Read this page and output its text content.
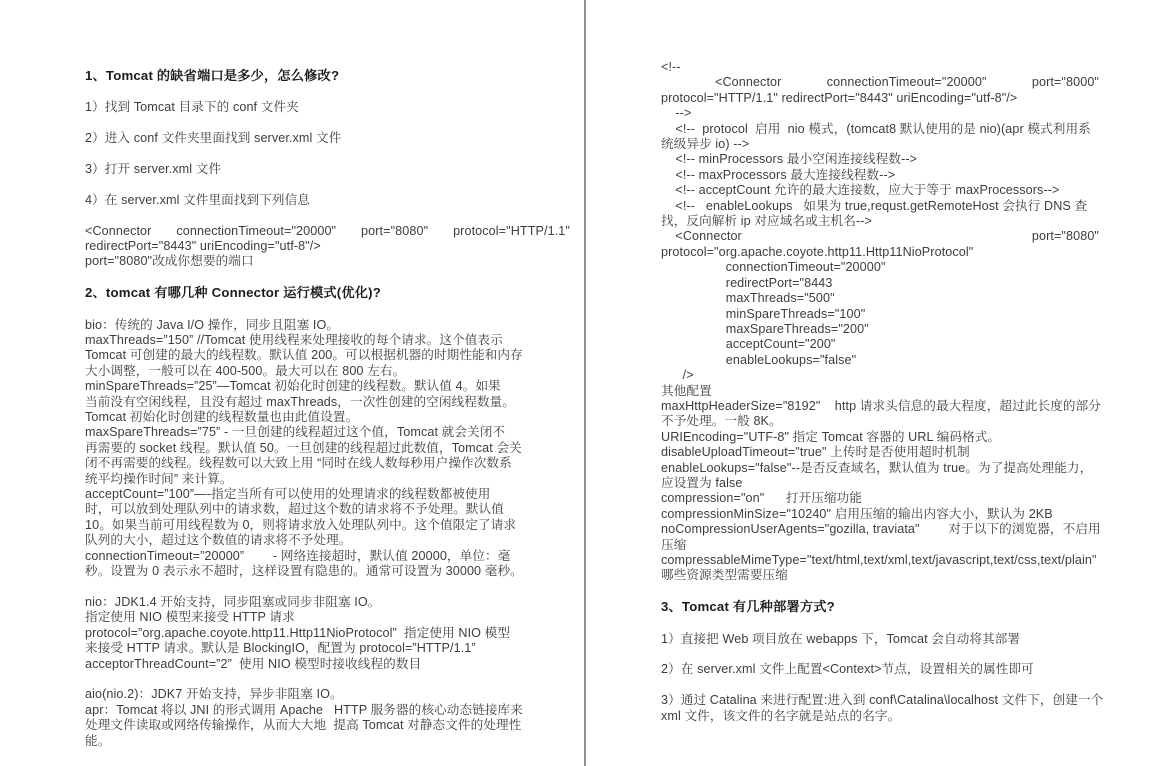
1、Tomcat 的缺省端口是多少，怎么修改?
1）找到 Tomcat 目录下的 conf 文件夹
2）进入 conf 文件夹里面找到 server.xml 文件
3）打开 server.xml 文件
4）在 server.xml 文件里面找到下列信息
<Connector connectionTimeout="20000" port="8080" protocol="HTTP/1.1"
redirectPort="8443" uriEncoding="utf-8"/>
port="8080"改成你想要的端口
2、tomcat 有哪几种 Connector 运行模式(优化)?
bio：传统的 Java I/O 操作，同步且阻塞 IO。
maxThreads=”150” //Tomcat 使用线程来处理接收的每个请求。这个值表示
Tomcat 可创建的最大的线程数。默认值 200。可以根据机器的时期性能和内存
大小调整，一般可以在 400-500。最大可以在 800 左右。
minSpareThreads=”25”—Tomcat 初始化时创建的线程数。默认值 4。如果
当前没有空闲线程，且没有超过 maxThreads，一次性创建的空闲线程数量。
Tomcat 初始化时创建的线程数量也由此值设置。
maxSpareThreads=”75” - 一旦创建的线程超过这个值，Tomcat 就会关闭不
再需要的 socket 线程。默认值 50。一旦创建的线程超过此数值，Tomcat 会关
闭不再需要的线程。线程数可以大致上用 “同时在线人数每秒用户操作次数系
统平均操作时间” 来计算。
acceptCount=”100”—-指定当所有可以使用的处理请求的线程数都被使用
时，可以放到处理队列中的请求数，超过这个数的请求将不予处理。默认值
10。如果当前可用线程数为 0，则将请求放入处理队列中。这个值限定了请求
队列的大小，超过这个数值的请求将不予处理。
connectionTimeout=”20000”        - 网络连接超时，默认值 20000，单位：毫
秒。设置为 0 表示永不超时，这样设置有隐患的。通常可设置为 30000 毫秒。
nio：JDK1.4 开始支持，同步阻塞或同步非阻塞 IO。
指定使用 NIO 模型来接受 HTTP 请求
protocol=”org.apache.coyote.http11.Http11NioProtocol”  指定使用 NIO 模型
来接受 HTTP 请求。默认是 BlockingIO，配置为 protocol=”HTTP/1.1”
acceptorThreadCount=”2”  使用 NIO 模型时接收线程的数目
aio(nio.2)：JDK7 开始支持，异步非阻塞 IO。
apr：Tomcat 将以 JNI 的形式调用 Apache   HTTP 服务器的核心动态链接库来
处理文件读取或网络传输操作，从而大大地  提高 Tomcat 对静态文件的处理性
能。
<!--
<Connector	connectionTimeout="20000"	port="8000"
protocol="HTTP/1.1" redirectPort="8443" uriEncoding="utf-8"/>
-->
<!--  protocol  启用  nio 模式，(tomcat8 默认使用的是 nio)(apr 模式利用系
统级异步 io) -->
<!-- minProcessors 最小空闲连接线程数-->
<!-- maxProcessors 最大连接线程数-->
<!-- acceptCount 允许的最大连接数，应大于等于 maxProcessors-->
<!--   enableLookups   如果为 true,requst.getRemoteHost 会执行 DNS 查
找，反向解析 ip 对应域名或主机名-->
<Connector	port="8080"
protocol="org.apache.coyote.http11.Http11NioProtocol"
connectionTimeout="20000"
redirectPort="8443
maxThreads="500"
minSpareThreads="100"
maxSpareThreads="200"
acceptCount="200"
enableLookups="false"
/>
其他配置
maxHttpHeaderSize="8192"    http 请求头信息的最大程度，超过此长度的部分
不予处理。一般 8K。
URIEncoding="UTF-8" 指定 Tomcat 容器的 URL 编码格式。
disableUploadTimeout="true" 上传时是否使用超时机制
enableLookups="false"--是否反查域名，默认值为 true。为了提高处理能力，
应设置为 false
compression="on"      打开压缩功能
compressionMinSize="10240" 启用压缩的输出内容大小，默认为 2KB
noCompressionUserAgents="gozilla, traviata"        对于以下的浏览器，不启用
压缩
compressableMimeType="text/html,text/xml,text/javascript,text/css,text/plain"
哪些资源类型需要压缩
3、Tomcat 有几种部署方式?
1）直接把 Web 项目放在 webapps 下，Tomcat 会自动将其部署
2）在 server.xml 文件上配置<Context>节点，设置相关的属性即可
3）通过 Catalina 来进行配置:进入到 conf\Catalina\localhost 文件下，创建一个
xml 文件，该文件的名字就是站点的名字。
